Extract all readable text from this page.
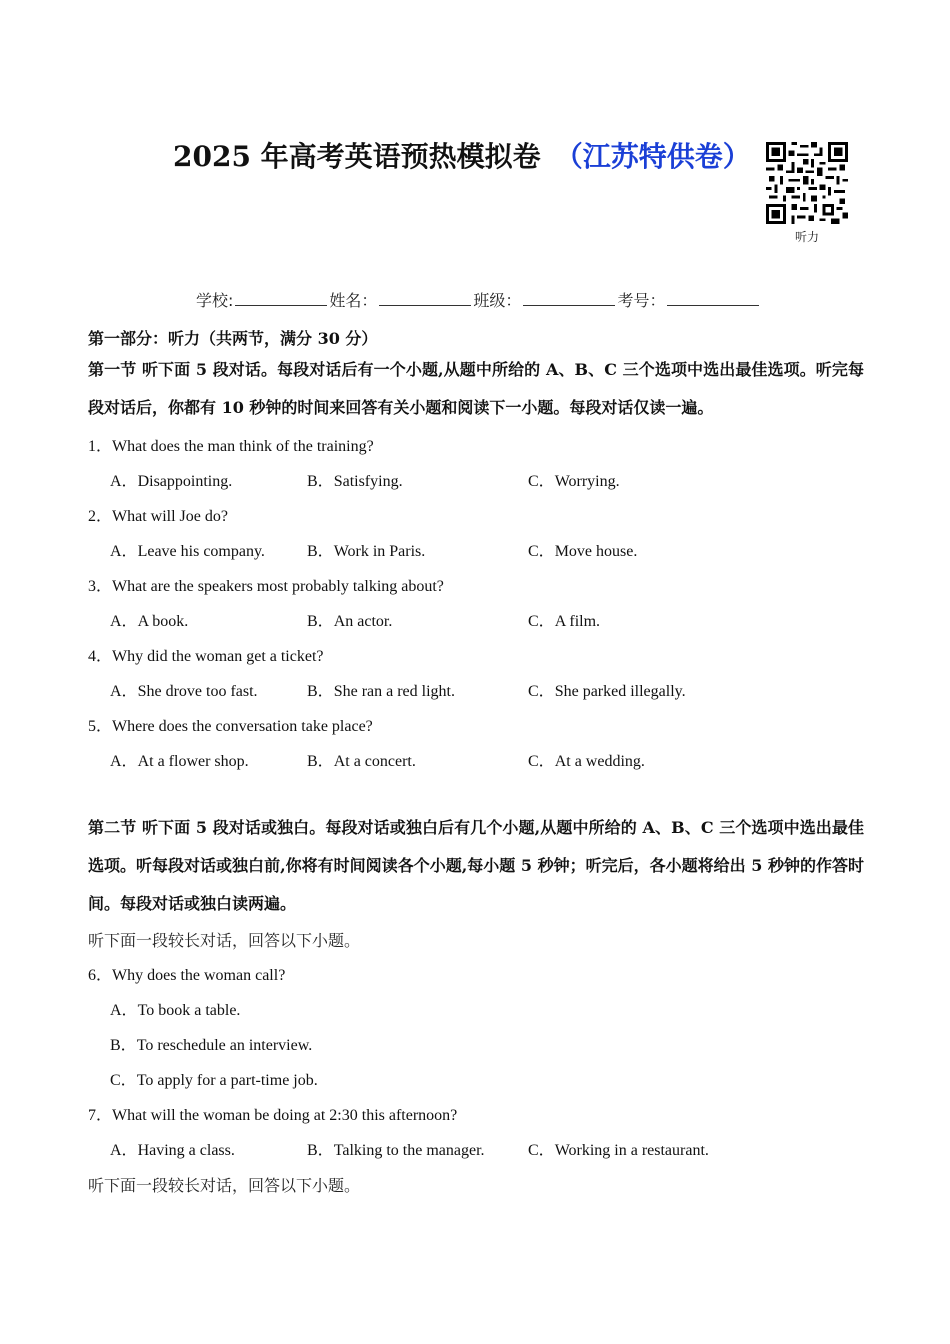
2025 年高考英语预热模拟卷　（江苏特供卷）
听力
学校:	姓名：	班级：	考号：
第一部分：听力（共两节，满分 30 分）
第一节 听下面 5 段对话。每段对话后有一个小题,从题中所给的 A、B、C 三个选项中选出最佳选项。听完每段对话后，你都有 10 秒钟的时间来回答有关小题和阅读下一小题。每段对话仅读一遍。
1．What does the man think of the training?
A．Disappointing.	B．Satisfying.	C．Worrying.
2．What will Joe do?
A．Leave his company.	B．Work in Paris.	C．Move house.
3．What are the speakers most probably talking about?
A．A book.	B．An actor.	C．A film.
4．Why did the woman get a ticket?
A．She drove too fast.	B．She ran a red light.	C．She parked illegally.
5．Where does the conversation take place?
A．At a flower shop.	B．At a concert.	C．At a wedding.
第二节 听下面 5 段对话或独白。每段对话或独白后有几个小题,从题中所给的 A、B、C 三个选项中选出最佳选项。听每段对话或独白前,你将有时间阅读各个小题,每小题 5 秒钟；听完后，各小题将给出 5 秒钟的作答时间。每段对话或独白读两遍。
听下面一段较长对话，回答以下小题。
6．Why does the woman call?
A．To book a table.
B．To reschedule an interview.
C．To apply for a part-time job.
7．What will the woman be doing at 2:30 this afternoon?
A．Having a class.	B．Talking to the manager.	C．Working in a restaurant.
听下面一段较长对话，回答以下小题。
